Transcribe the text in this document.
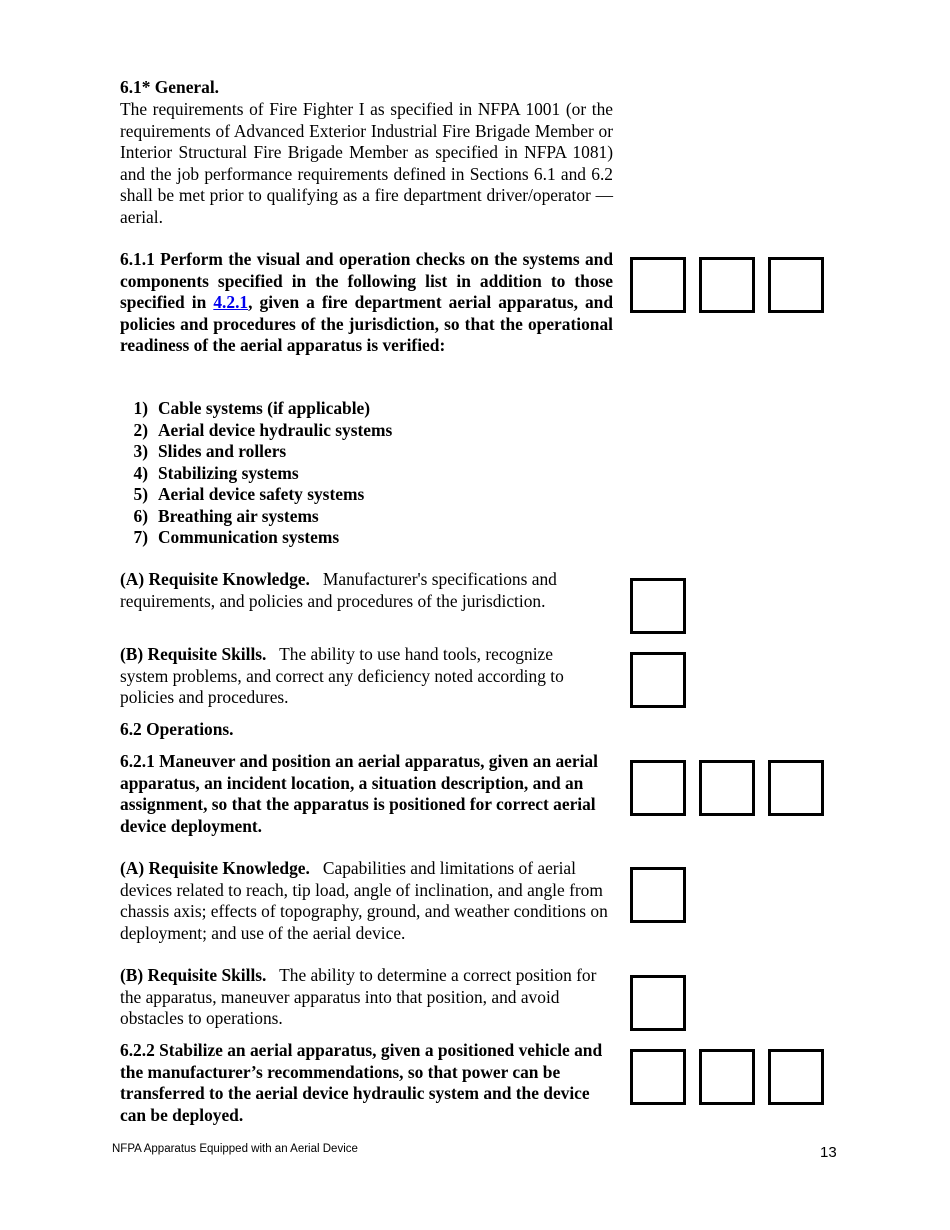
6.1* General.
The requirements of Fire Fighter I as specified in NFPA 1001 (or the requirements of Advanced Exterior Industrial Fire Brigade Member or Interior Structural Fire Brigade Member as specified in NFPA 1081) and the job performance requirements defined in Sections 6.1 and 6.2 shall be met prior to qualifying as a fire department driver/operator — aerial.
6.1.1 Perform the visual and operation checks on the systems and components specified in the following list in addition to those specified in 4.2.1, given a fire department aerial apparatus, and policies and procedures of the jurisdiction, so that the operational readiness of the aerial apparatus is verified:
1) Cable systems (if applicable)
2) Aerial device hydraulic systems
3) Slides and rollers
4) Stabilizing systems
5) Aerial device safety systems
6) Breathing air systems
7) Communication systems
(A) Requisite Knowledge. Manufacturer's specifications and requirements, and policies and procedures of the jurisdiction.
(B) Requisite Skills. The ability to use hand tools, recognize system problems, and correct any deficiency noted according to policies and procedures.
6.2 Operations.
6.2.1 Maneuver and position an aerial apparatus, given an aerial apparatus, an incident location, a situation description, and an assignment, so that the apparatus is positioned for correct aerial device deployment.
(A) Requisite Knowledge. Capabilities and limitations of aerial devices related to reach, tip load, angle of inclination, and angle from chassis axis; effects of topography, ground, and weather conditions on deployment; and use of the aerial device.
(B) Requisite Skills. The ability to determine a correct position for the apparatus, maneuver apparatus into that position, and avoid obstacles to operations.
6.2.2 Stabilize an aerial apparatus, given a positioned vehicle and the manufacturer’s recommendations, so that power can be transferred to the aerial device hydraulic system and the device can be deployed.
NFPA Apparatus Equipped with an Aerial Device	13
